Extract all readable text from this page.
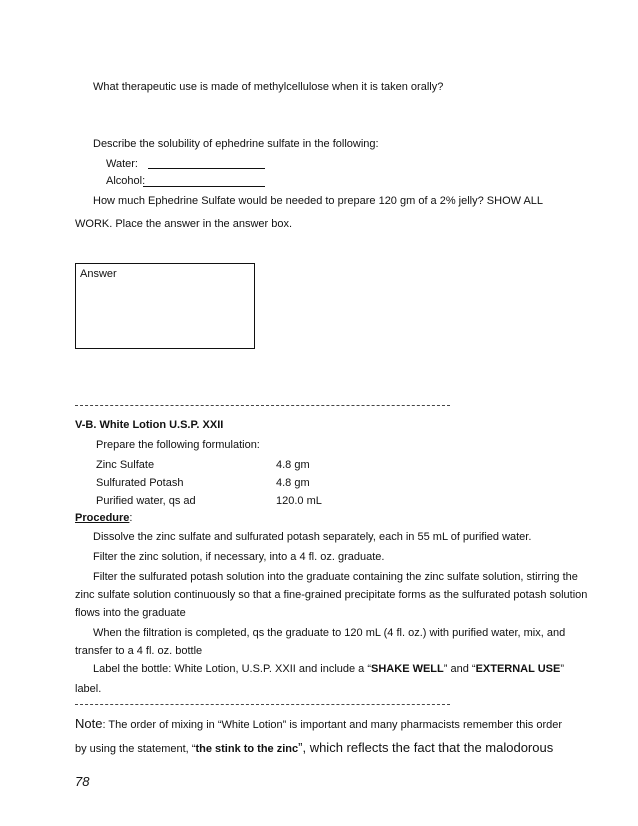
What therapeutic use is made of methylcellulose when it is taken orally?
Describe the solubility of ephedrine sulfate in the following:
Water:
Alcohol:
How much Ephedrine Sulfate would be needed to prepare 120 gm of a 2% jelly? SHOW ALL
WORK. Place the answer in the answer box.
Answer
V-B. White Lotion U.S.P. XXII
Prepare the following formulation:
Zinc Sulfate	4.8 gm
Sulfurated Potash	4.8 gm
Purified water, qs ad	120.0 mL
Procedure:
Dissolve the zinc sulfate and sulfurated potash separately, each in 55 mL of purified water.
Filter the zinc solution, if necessary, into a 4 fl. oz. graduate.
Filter the sulfurated potash solution into the graduate containing the zinc sulfate solution, stirring the
zinc sulfate solution continuously so that a fine-grained precipitate forms as the sulfurated potash solution
flows into the graduate
When the filtration is completed, qs the graduate to 120 mL (4 fl. oz.) with purified water, mix, and
transfer to a 4 fl. oz. bottle
Label the bottle: White Lotion, U.S.P. XXII and include a “SHAKE WELL” and “EXTERNAL USE”
label.
Note: The order of mixing in “White Lotion” is important and many pharmacists remember this order
by using the statement, “the stink to the zinc”, which reflects the fact that the malodorous
78
